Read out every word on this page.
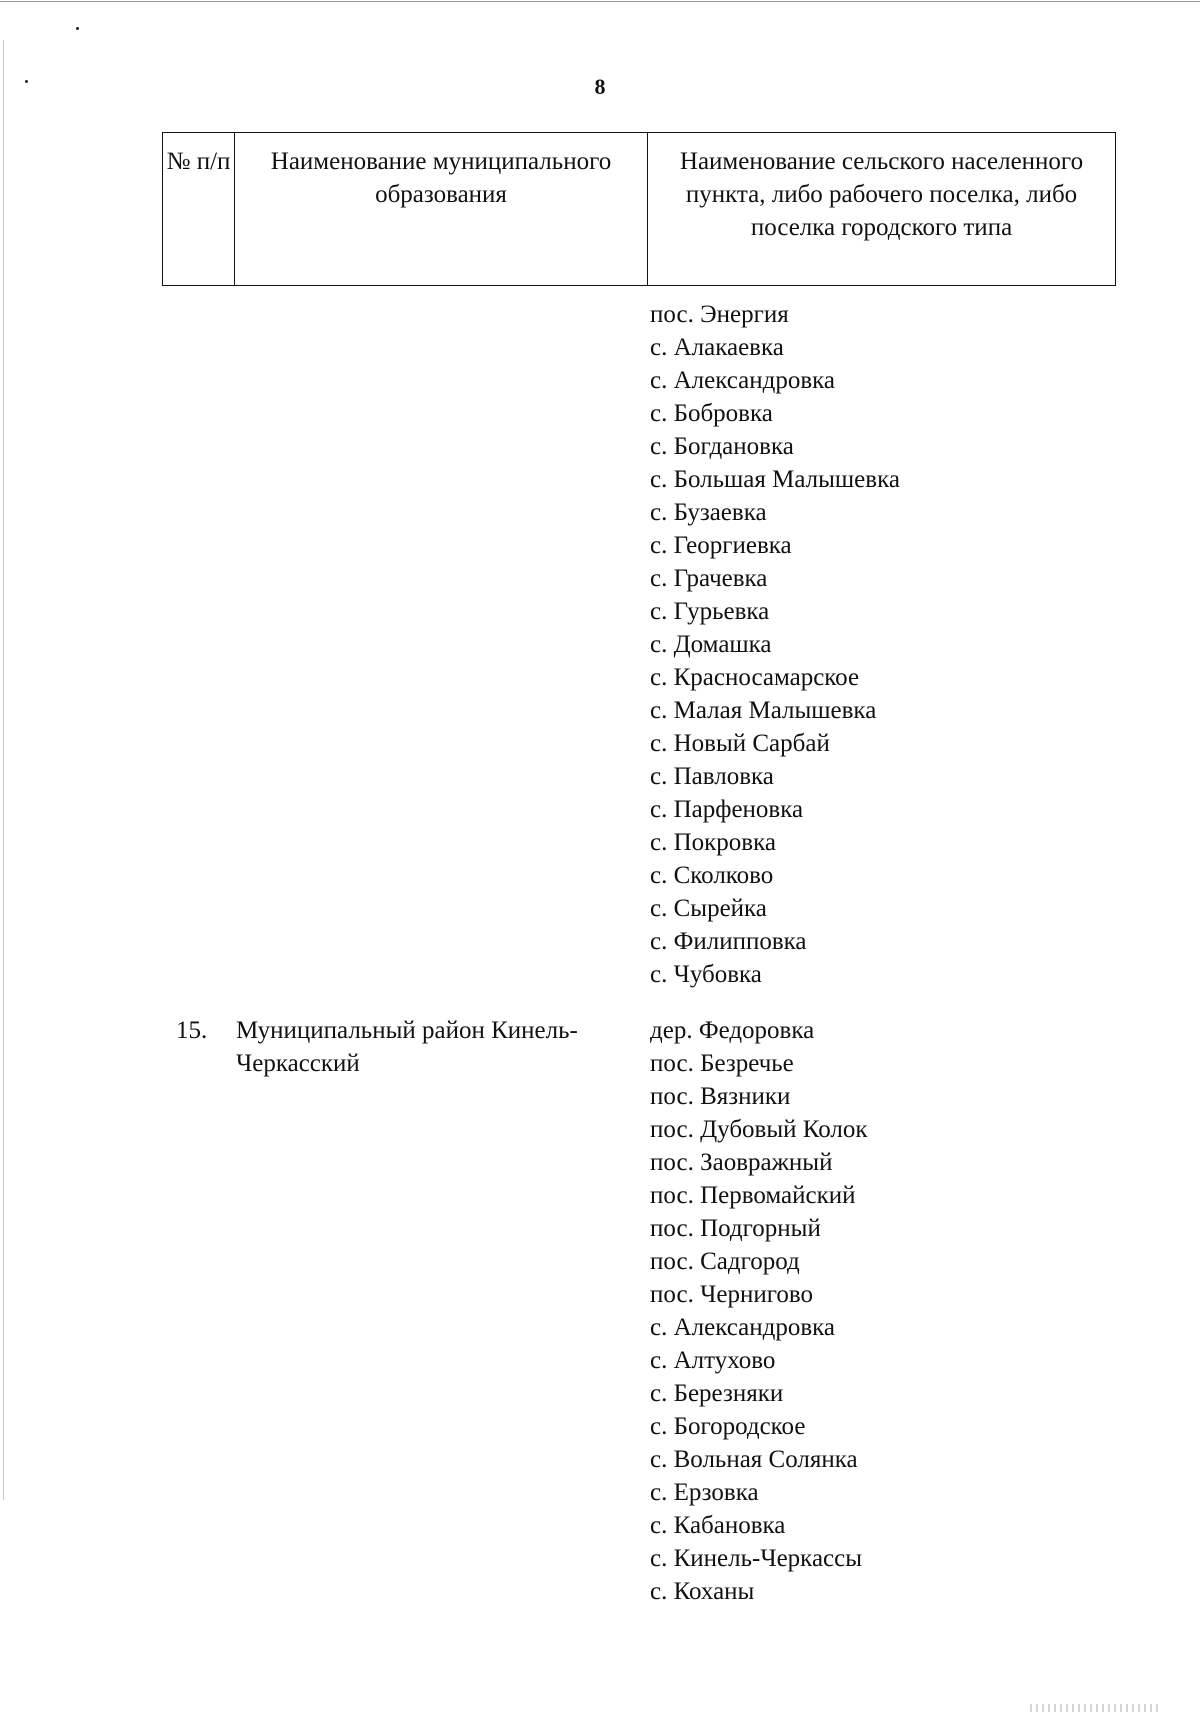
8
№ п/п	Наименование муниципального образования
Наименование сельского населенного пункта, либо рабочего поселка, либо поселка городского типа
пос. Энергия
с. Алакаевка
с. Александровка
с. Бобровка
с. Богдановка
с. Большая Малышевка
с. Бузаевка
с. Георгиевка
с. Грачевка
с. Гурьевка
с. Домашка
с. Красносамарское
с. Малая Малышевка
с. Новый Сарбай
с. Павловка
с. Парфеновка
с. Покровка
с. Сколково
с. Сырейка
с. Филипповка
с. Чубовка
15.	Муниципальный район Кинель-Черкасский
дер. Федоровка
пос. Безречье
пос. Вязники
пос. Дубовый Колок
пос. Заовражный
пос. Первомайский
пос. Подгорный
пос. Садгород
пос. Чернигово
с. Александровка
с. Алтухово
с. Березняки
с. Богородское
с. Вольная Солянка
с. Ерзовка
с. Кабановка
с. Кинель-Черкассы
с. Коханы
